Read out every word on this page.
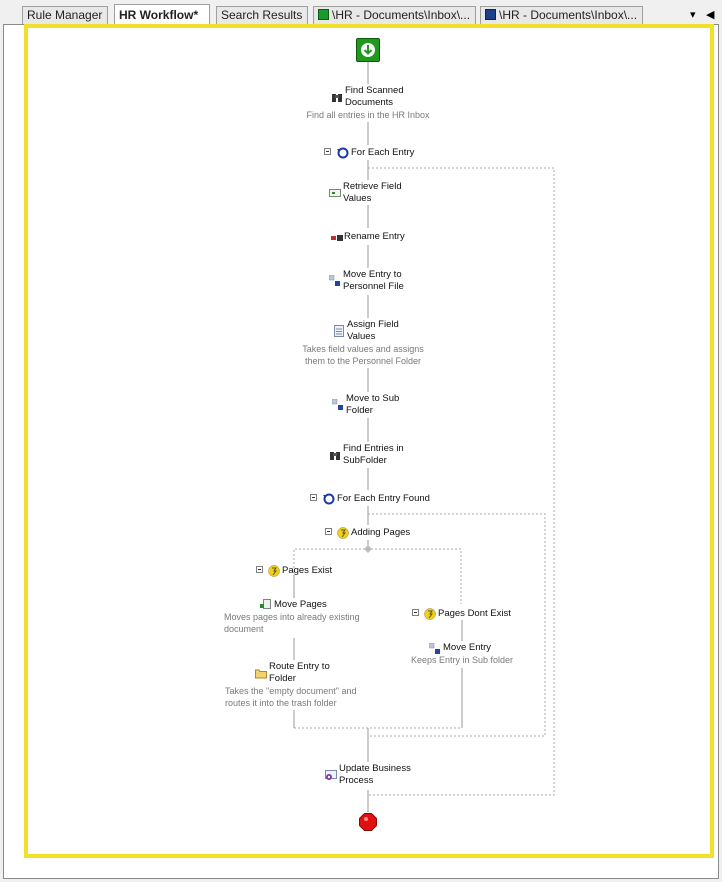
Rule Manager	HR Workflow*	Search Results	\HR - Documents\Inbox\...	\HR - Documents\Inbox\...	▾ ◀
Find Scanned Documents
Find all entries in the HR Inbox
For Each Entry
Retrieve Field Values
Rename Entry
Move Entry to Personnel File
Assign Field Values
Takes field values and assigns them to the Personnel Folder
Move to Sub Folder
Find Entries in SubFolder
For Each Entry Found
Adding Pages
Pages Exist
Move Pages
Moves pages into already existing document
Route Entry to Folder
Takes the "empty document" and routes it into the trash folder
Pages Dont Exist
Move Entry
Keeps Entry in Sub folder
Update Business Process
